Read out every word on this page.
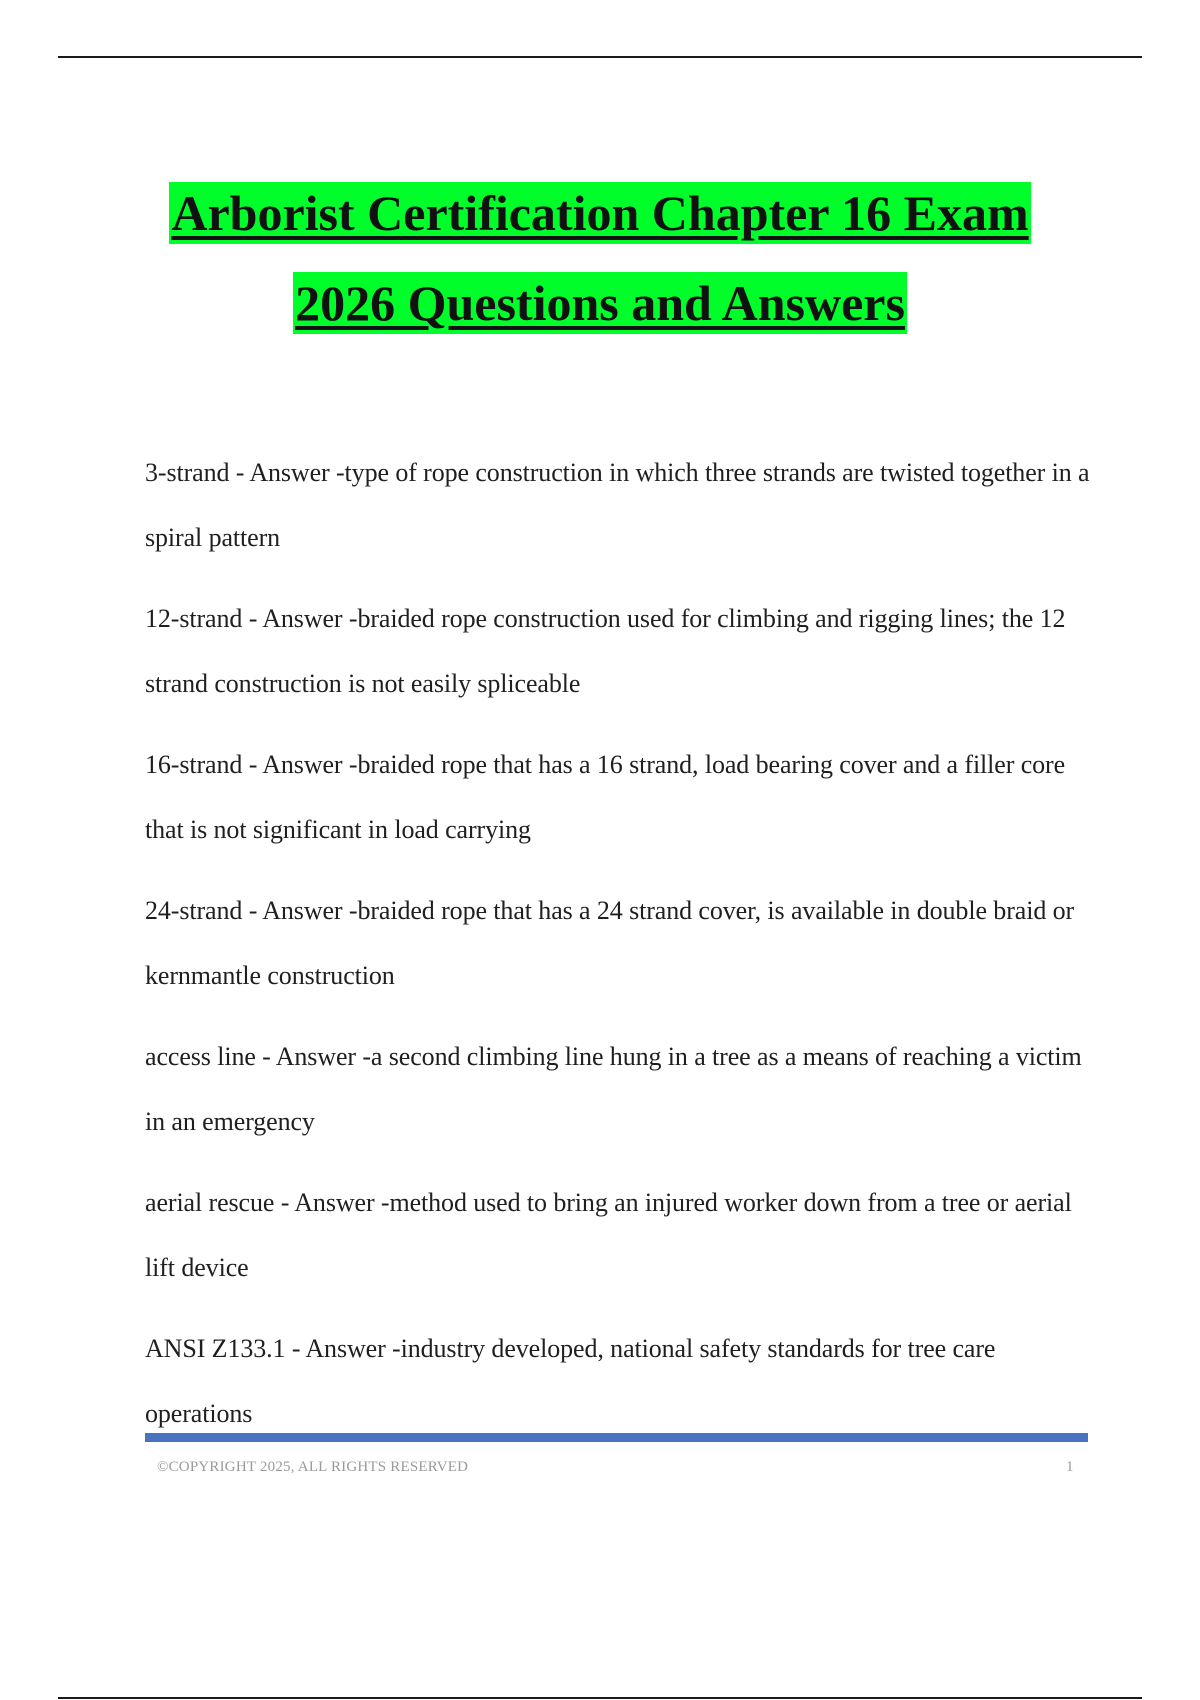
Arborist Certification Chapter 16 Exam
2026 Questions and Answers

3-strand - Answer -type of rope construction in which three strands are twisted together in a spiral pattern

12-strand - Answer -braided rope construction used for climbing and rigging lines; the 12 strand construction is not easily spliceable

16-strand - Answer -braided rope that has a 16 strand, load bearing cover and a filler core that is not significant in load carrying

24-strand - Answer -braided rope that has a 24 strand cover, is available in double braid or kernmantle construction

access line - Answer -a second climbing line hung in a tree as a means of reaching a victim in an emergency

aerial rescue - Answer -method used to bring an injured worker down from a tree or aerial lift device

ANSI Z133.1 - Answer -industry developed, national safety standards for tree care operations

©COPYRIGHT 2025, ALL RIGHTS RESERVED	1
